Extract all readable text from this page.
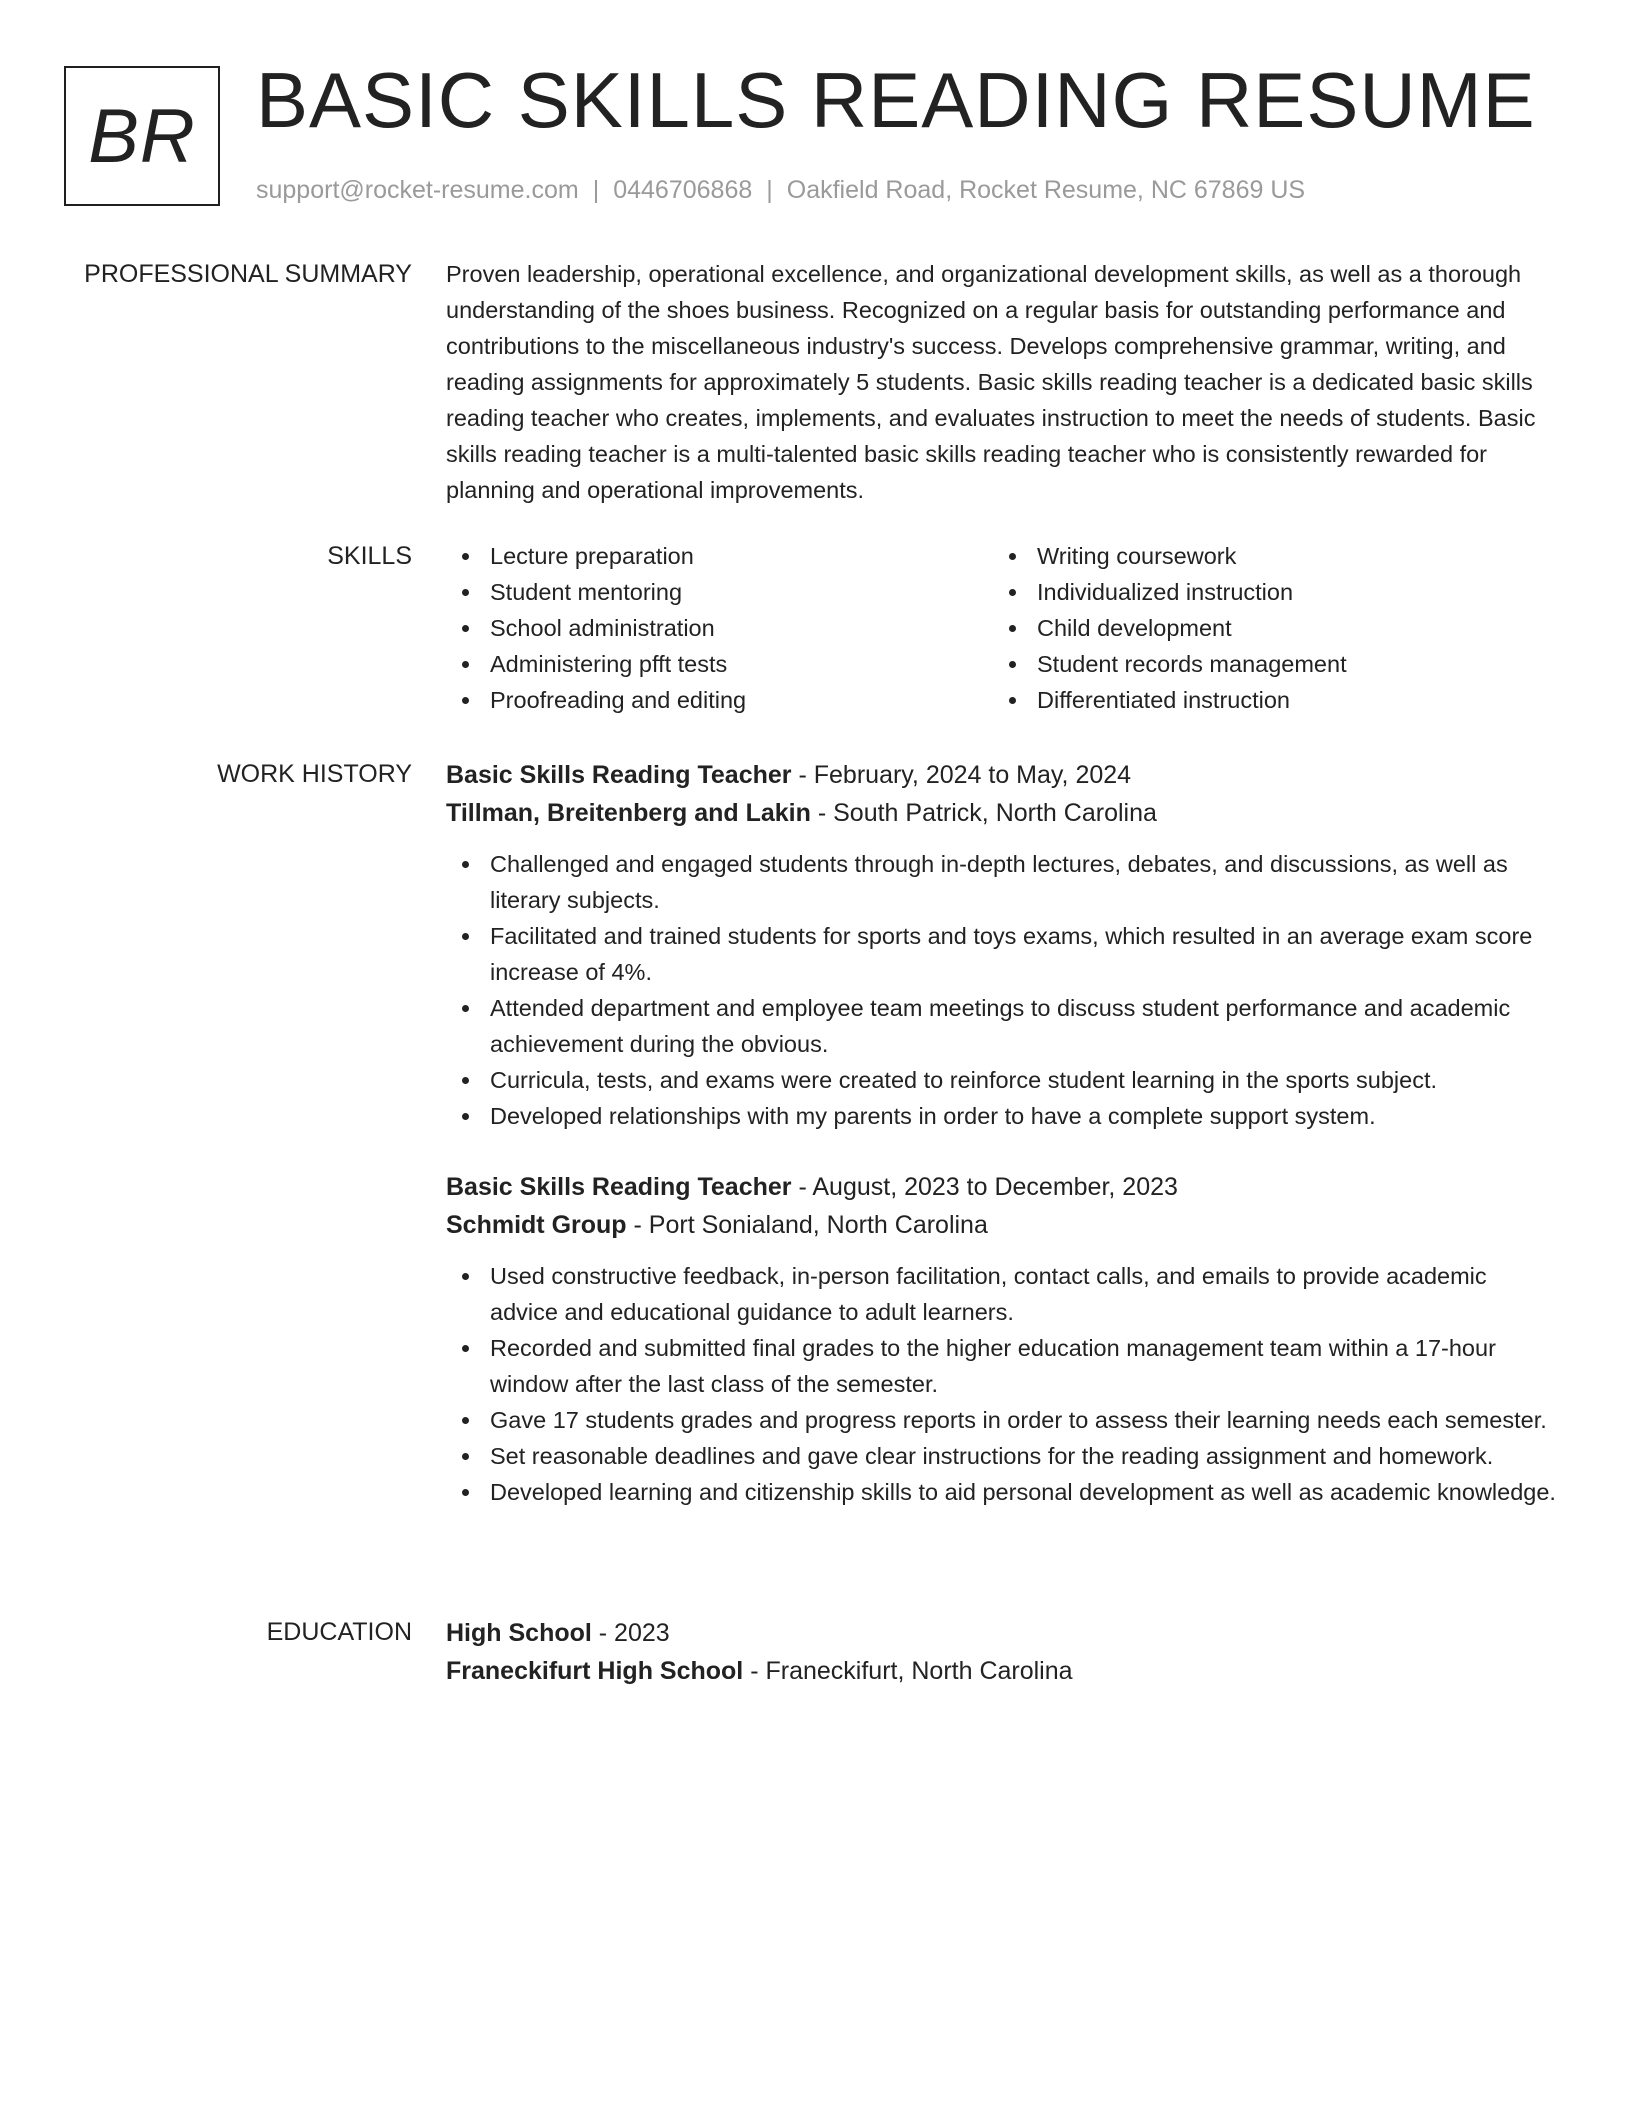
BR BASIC SKILLS READING RESUME
support@rocket-resume.com | 0446706868 | Oakfield Road, Rocket Resume, NC 67869 US
PROFESSIONAL SUMMARY Proven leadership, operational excellence, and organizational development skills, as well as a thorough understanding of the shoes business. Recognized on a regular basis for outstanding performance and contributions to the miscellaneous industry's success. Develops comprehensive grammar, writing, and reading assignments for approximately 5 students. Basic skills reading teacher is a dedicated basic skills reading teacher who creates, implements, and evaluates instruction to meet the needs of students. Basic skills reading teacher is a multi-talented basic skills reading teacher who is consistently rewarded for planning and operational improvements.

SKILLS	Lecture preparation
Student mentoring
School administration
Administering pfft tests
Proofreading and editing
Writing coursework
Individualized instruction
Child development
Student records management
Differentiated instruction
WORK HISTORY Basic Skills Reading Teacher - February, 2024 to May, 2024
Tillman, Breitenberg and Lakin - South Patrick, North Carolina
Challenged and engaged students through in-depth lectures, debates, and discussions, as well as literary subjects.
Facilitated and trained students for sports and toys exams, which resulted in an average exam score increase of 4%.
Attended department and employee team meetings to discuss student performance and academic achievement during the obvious.
Curricula, tests, and exams were created to reinforce student learning in the sports subject.
Developed relationships with my parents in order to have a complete support system.
Basic Skills Reading Teacher - August, 2023 to December, 2023
Schmidt Group - Port Sonialand, North Carolina
Used constructive feedback, in-person facilitation, contact calls, and emails to provide academic advice and educational guidance to adult learners.
Recorded and submitted final grades to the higher education management team within a 17-hour window after the last class of the semester.
Gave 17 students grades and progress reports in order to assess their learning needs each semester.
Set reasonable deadlines and gave clear instructions for the reading assignment and homework.
Developed learning and citizenship skills to aid personal development as well as academic knowledge.
EDUCATION High School - 2023
Franeckifurt High School - Franeckifurt, North Carolina
